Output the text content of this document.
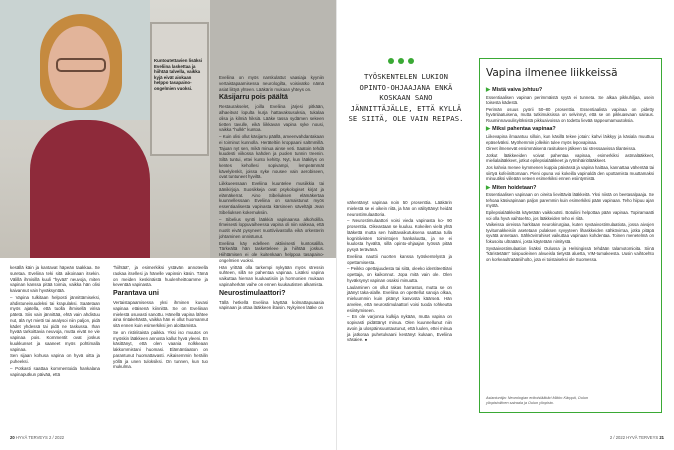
Kuntoutettavien lisäksi Eveliina laskettaa ja hiihtää talvella, vaikka kyjä eivät aiokaan helppo tasapaino-ongelmien vuoksi.

kesällä käin ja kantavat häpeän taakkaa. Se suretaa. Eveliina teki sitä aikoinaan itsekin. Välillä ihmisillä kuuli "hyvää" neuvoja, miten vapinan kanssa pitää toimia, vaikka hän olisi kaivannut vain hyväksyntää.

– Vapina tulkitaan helposti jännittämiseksi, ahdistuneisuudeksi tai krapulaksi. Saatetaan myös ajatella, että tuolla ihmisellä virisa pätetä. Siis vain jännittää, ehtä vain ahdistuu nut, älä nyt mietti tai analysoi niin paljon, pidä kädet yhdessä tai pidä ne taskussa. Ihan hyvää tarkoittavia neuvoja, mutta eivät ne vie vapinaa pois. Kommentit ovat joskus kuukkunset ja saaneet myös pohtimalla vapinaa.

Sen sijaan kohusa vapina on hyvä oitta ja puheeksi.

– Potkasti saattaa kommentoida hankalana vapinaputkun päivää, että

"hiihtää", ja esimerkiksi ystävän annoteella raokaa itsellesi ja hänelle vapinsin käsin. Tämä on meiden keskinäistä huulenheittoamme ja keventää vapinasta.

Parantava uni

Vertaistapaamisessa yksi ihminen kuvasi vapinaa etäisenä kiinnittä. Se on Eveliinan mielestä osuvasti sanottu. Hänellä vapina lähtee aina rintakehästä, vaikka hän ei ollut huomannut sitä ennen kuin esimerkiksi jen aloittamista.

Se on ristiriitaista paikka. Yksi iso muutos on myöskin lääkkeen annosta kallut hyvä yleeni. En käsittänyt, että olen vaania nolkkeaan lakkommistani huomasi. Elämäntiaaton on parantunut huomattavasti. Aikaisemmin heräilin yöllä ja unen tuloksiksi. On tunnen, kun tuo mukulma.

Eveliina on myös narskulattut vaasiaja kyyniin vertaistapaamisessa neurologilta, voisivatko nämä asiat liittyä yhteen. Lääkärin mukaan yhteys on.

Käsijarru pois päältä

Restaurakselet, joilla Eveliina järjesi pitkään, alhaeitvat lopulta kurja hattavaksusuksia, tukalaa olisa ja kilmiä hiksiä. Lääke tassa sydämen sekeen tietten tavulle, eikä liikkavan vapina syke nousi, vaikka "hulkk" kuntoa.

– Kuin olisi ollut käsijarru päällä, ameenvahdantakaan ei toiminut kunnolla. Heräteltiin kroppaani saltmmillä. Tajuan nyt sen, mikä minua ainse veti. Saatoin tehdä kuudesti viikossa kahden ja puolen tunnin treenin. Siltä tuntui, ettei kunto kehitty. Nyt, kun lääkitys on kentes kehollesi sopivampi, lempeämmät kävelylenkit, joissa syke nousee vain aerobiseen, ovat tuntuneet hyviltä.

Liikkueessaan Eveliina kuuntelee musiikkia tai äänikirjoja. Suosikkeja ovat psykologiset kirjat ja elämäkerrat. Aino Sibeliuksen elämäkertaa kuunnellessaan Eveliina on samaistunut myös essentiaalisesta vapinasta kärsineen säveltäjä Jean Sibeliuksen kokemuksiin.

– Sibelius syntti lääkkiä vapinaansa alkoholilla. Ilmeisesti loppuvaiheessa vapina oli niin vaikeaa, että nuotit eivät pysyneet nuottiviivastolla eikä orkesterin johtaminen onnistunut.

Eveliina käy edelleen aktiivisesti kuntosalilla. Tärkeältä hän tasketteleee ja hiihtää joskus. Hiihtämisen ei ole kuitenkaan helppoa tasapaino-ongelmien vuoksi.

Hän yrittää olla tarkempi nykyään myös stressin suhteen, sillä se pahentaa vapinaa. Lisäksi vapina vaikuttaa hieman kuukautisiin ja hormonien mukaan vapinaherkän vaihe on ennen kuukautisten alkamista.

Neurostimulaattori?

Tällä hetkellä Eveliina käyttää kolmattapuaasia vapinaan ja ottaa lääkkeen iltaisin. Nykyinen lääke on

20 HYVÄ TERVEYS 2 / 2022
TYÖSKENTELEN LUKION OPINTO-OHJAAJANA ENKÄ KOSKAAN SANO JÄNNITTÄJÄLLE, ETTÄ KYLLÄ SE SIITÄ, OLE VAIN REIPAS.

vähentänyt vapinaa noin 50 prosenttia. Lääkärin mielestä se ei oikein riitä, ja hän on välityttänyt heidät neurostimulaattoria.

– Neurostimulaattori voisi vieda vapinasta ko- 90 prosenttia. Oikeastaan se kuuluu. Kokeilen vielä yhtä lääkettä mutta sen haittavaikutuksena saattaa tulla kognitiivisten toimintojen hankaluutta, ja se ei kuulosta hyvältä, sillä opinto-ohjaajan työssä pitää pysyä terävänä.

Eveliina nauttii nuorten kanssa työskentelystä ja opettamisesta.

– Peikko opettajuudesta tai siitä, oleeko identiteettiäni opettaja, on kaikonnut. Jopa mitä vain ole. Olen hyväksynyt vapinan osaksi minuutta.

Laulaminen on ollut rakas harrastus, mutta se on jäänyt taka-alalle. Eveliina on opettellut sanoja olkaa, mieluummin kuin pitänyt kasvosta käärseä. Hän arvelee, että neurostimulaattori voisi tuoda rohkeutta esiintymiseen.

– En ole varjonsa kulkija nykään, mutta vapina on sopivasti pidättänyt minua. Olen kuunnellunut niin avoin ja ulospäinsuuntautunut, että luulen, ettei minua ja jatkoraa puhetulvaani kestänyt kukaan, Eveliina väsaiee. ●

Vapina ilmenee liikkeissä
▶ Mistä vaiva johtuu?

Essentiaalisen vapinan perimmäistä syytä ei tunneta. Se alkaa pikkuhiljaa, usein toisesta kädestä.

Perimän osuus pyörii 50–80 prosenttia. Essentiaalista vapinaa on pidetty hyvänlaatuisena, mutta tutkimuksissa on selvinnyt, että se on pikkuasvaan sairaus. Ruuminnavoulisylöksistä pikkuaivoissa on todettu lievää rappeumamuutoksia.

▶ Miksi pahentaa vapinaa?

Liikevapina ilmaantuu silloin, kun käsillä tekee jotain: kahvi läikkyy ja käsiala muuttuu epäselväksi. Myöhemmin jolleikin tulee myös lepovapinaa.

Oireet ilmenevät ensimmäisenä rasituksen jälkeen tai stressaavissa tilanteissa.

Jotkut lääkkeeiden voivat pahentaa vapinaa, esimerkiksi astmalääkkeet, mielialalääkkeet, jotkut epilepsialääkkeet ja rytmihäiriölääkkeet.

Jos kahvia menee kymmenen kuppia päivässä ja vapina haittaa, kannattaa vähentää tai siirtyä kofeiinittomaan. Pieni opuna voi kokeilla vapinaldä den upottamista muuttamaksi minuutiksi viileään veteen esimerkiksi ennen esiintymistä.

▶ Miten hoidetaan?

Essentiaalisen vapinaan on oireita lievittäviä lääkkeitä. Yksi niistä on beetasalpaaja. Se tehoaa käsivapinaan paljon paremmin kuin esimerkiksi pään vapinaan. Teho hiipuu ajan myötä.

Epilepsialääkkeitä käytetään vaikkoutsti. Botuliini helpottaa pään vapinaa. Topiramaatti voi olla hyvä vaihtoehto, jos lääkkeiden teho ei riitä.

Vaikeissa oireissa harkitaan neurokirurgiaa, kuten syväaivostimulaatiota, jossa aivojen tyvitumakkeisiin asetetaan pulaksen syvyyteen lihaskkeiden sähkövirraa, jotka pitäpä syvätä annetaan. Sähkövirrahiset vaikuttaa vapinaan kohdentaa. Toinen menetelmä on fokusoitu ultraääni, josta käytetään nimitystä.

Syväaivostimulaation lisäksi Oulussa ja Helsingissä tehdään talamotomioita. Siinä "käristetään" toispuoleinen alvueisla tietystä aluetta, VIM-tumakeesta. Uusin vaihtoehto on korkeaultraääniiholto, jota ei toistaiseksi ole Suomessa.

Asiantuntija: Neurologian erikoislääkäri Mikko Kärppä, Oulun yliopistollinen sairaala ja Oulun yliopisto.
2 / 2022 HYVÄ TERVEYS 21
